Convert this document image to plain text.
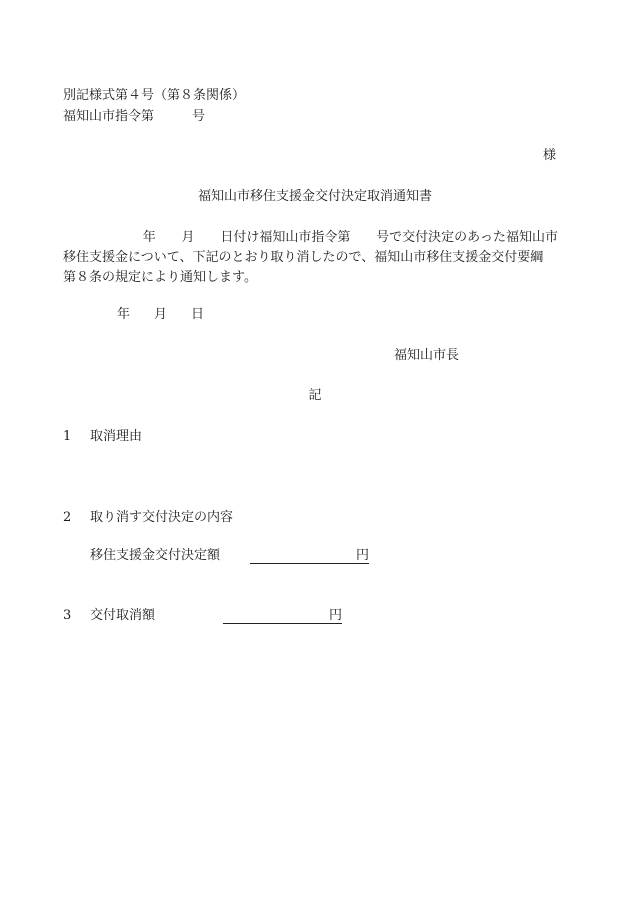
別記様式第４号（第８条関係）
福知山市指令第	号
様
福知山市移住支援金交付決定取消通知書
年 月 日付け福知山市指令第 号で交付決定のあった福知山市
移住支援金について、下記のとおり取り消したので、福知山市移住支援金交付要綱
第８条の規定により通知します。
年 月 日
福知山市長
記
1 取消理由
2 取り消す交付決定の内容
移住支援金交付決定額	円
3 交付取消額	円
